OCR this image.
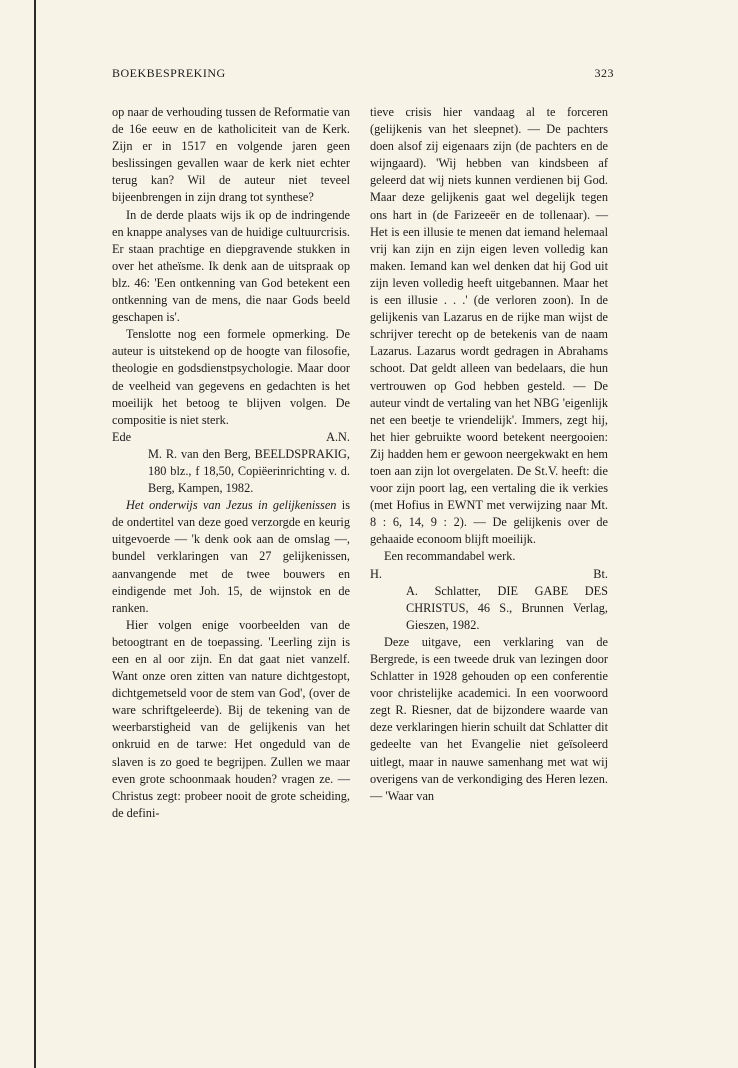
BOEKBESPREKING	323

op naar de verhouding tussen de Reformatie van de 16e eeuw en de katholiciteit van de Kerk. Zijn er in 1517 en volgende jaren geen beslissingen gevallen waar de kerk niet echter terug kan? Wil de auteur niet teveel bijeenbrengen in zijn drang tot synthese?

In de derde plaats wijs ik op de indringende en knappe analyses van de huidige cultuurcrisis. Er staan prachtige en diepgravende stukken in over het atheïsme. Ik denk aan de uitspraak op blz. 46: 'Een ontkenning van God betekent een ontkenning van de mens, die naar Gods beeld geschapen is'.

Tenslotte nog een formele opmerking. De auteur is uitstekend op de hoogte van filosofie, theologie en godsdienstpsychologie. Maar door de veelheid van gegevens en gedachten is het moeilijk het betoog te blijven volgen. De compositie is niet sterk.

Ede	A.N.

M. R. van den Berg, BEELDSPRAKIG, 180 blz., f 18,50, Copiëerinrichting v. d. Berg, Kampen, 1982.

Het onderwijs van Jezus in gelijkenissen is de ondertitel van deze goed verzorgde en keurig uitgevoerde — 'k denk ook aan de omslag —, bundel verklaringen van 27 gelijkenissen, aanvangende met de twee bouwers en eindigende met Joh. 15, de wijnstok en de ranken.

Hier volgen enige voorbeelden van de betoogtrant en de toepassing. 'Leerling zijn is een en al oor zijn. En dat gaat niet vanzelf. Want onze oren zitten van nature dichtgestopt, dichtgemetseld voor de stem van God', (over de ware schriftgeleerde). Bij de tekening van de weerbarstigheid van de gelijkenis van het onkruid en de tarwe: Het ongeduld van de slaven is zo goed te begrijpen. Zullen we maar even grote schoonmaak houden? vragen ze. — Christus zegt: probeer nooit de grote scheiding, de defini-

tieve crisis hier vandaag al te forceren (gelijkenis van het sleepnet). — De pachters doen alsof zij eigenaars zijn (de pachters en de wijngaard). 'Wij hebben van kindsbeen af geleerd dat wij niets kunnen verdienen bij God. Maar deze gelijkenis gaat wel degelijk tegen ons hart in (de Farizeeër en de tollenaar). — Het is een illusie te menen dat iemand helemaal vrij kan zijn en zijn eigen leven volledig kan maken. Iemand kan wel denken dat hij God uit zijn leven volledig heeft uitgebannen. Maar het is een illusie . . .' (de verloren zoon). In de gelijkenis van Lazarus en de rijke man wijst de schrijver terecht op de betekenis van de naam Lazarus. Lazarus wordt gedragen in Abrahams schoot. Dat geldt alleen van bedelaars, die hun vertrouwen op God hebben gesteld. — De auteur vindt de vertaling van het NBG 'eigenlijk net een beetje te vriendelijk'. Immers, zegt hij, het hier gebruikte woord betekent neergooien: Zij hadden hem er gewoon neergekwakt en hem toen aan zijn lot overgelaten. De St.V. heeft: die voor zijn poort lag, een vertaling die ik verkies (met Hofius in EWNT met verwijzing naar Mt. 8 : 6, 14, 9 : 2). — De gelijkenis over de gehaaide econoom blijft moeilijk.

Een recommandabel werk.

H.	Bt.

A. Schlatter, DIE GABE DES CHRISTUS, 46 S., Brunnen Verlag, Gieszen, 1982.

Deze uitgave, een verklaring van de Bergrede, is een tweede druk van lezingen door Schlatter in 1928 gehouden op een conferentie voor christelijke academici. In een voorwoord zegt R. Riesner, dat de bijzondere waarde van deze verklaringen hierin schuilt dat Schlatter dit gedeelte van het Evangelie niet geïsoleerd uitlegt, maar in nauwe samenhang met wat wij overigens van de verkondiging des Heren lezen. — 'Waar van
